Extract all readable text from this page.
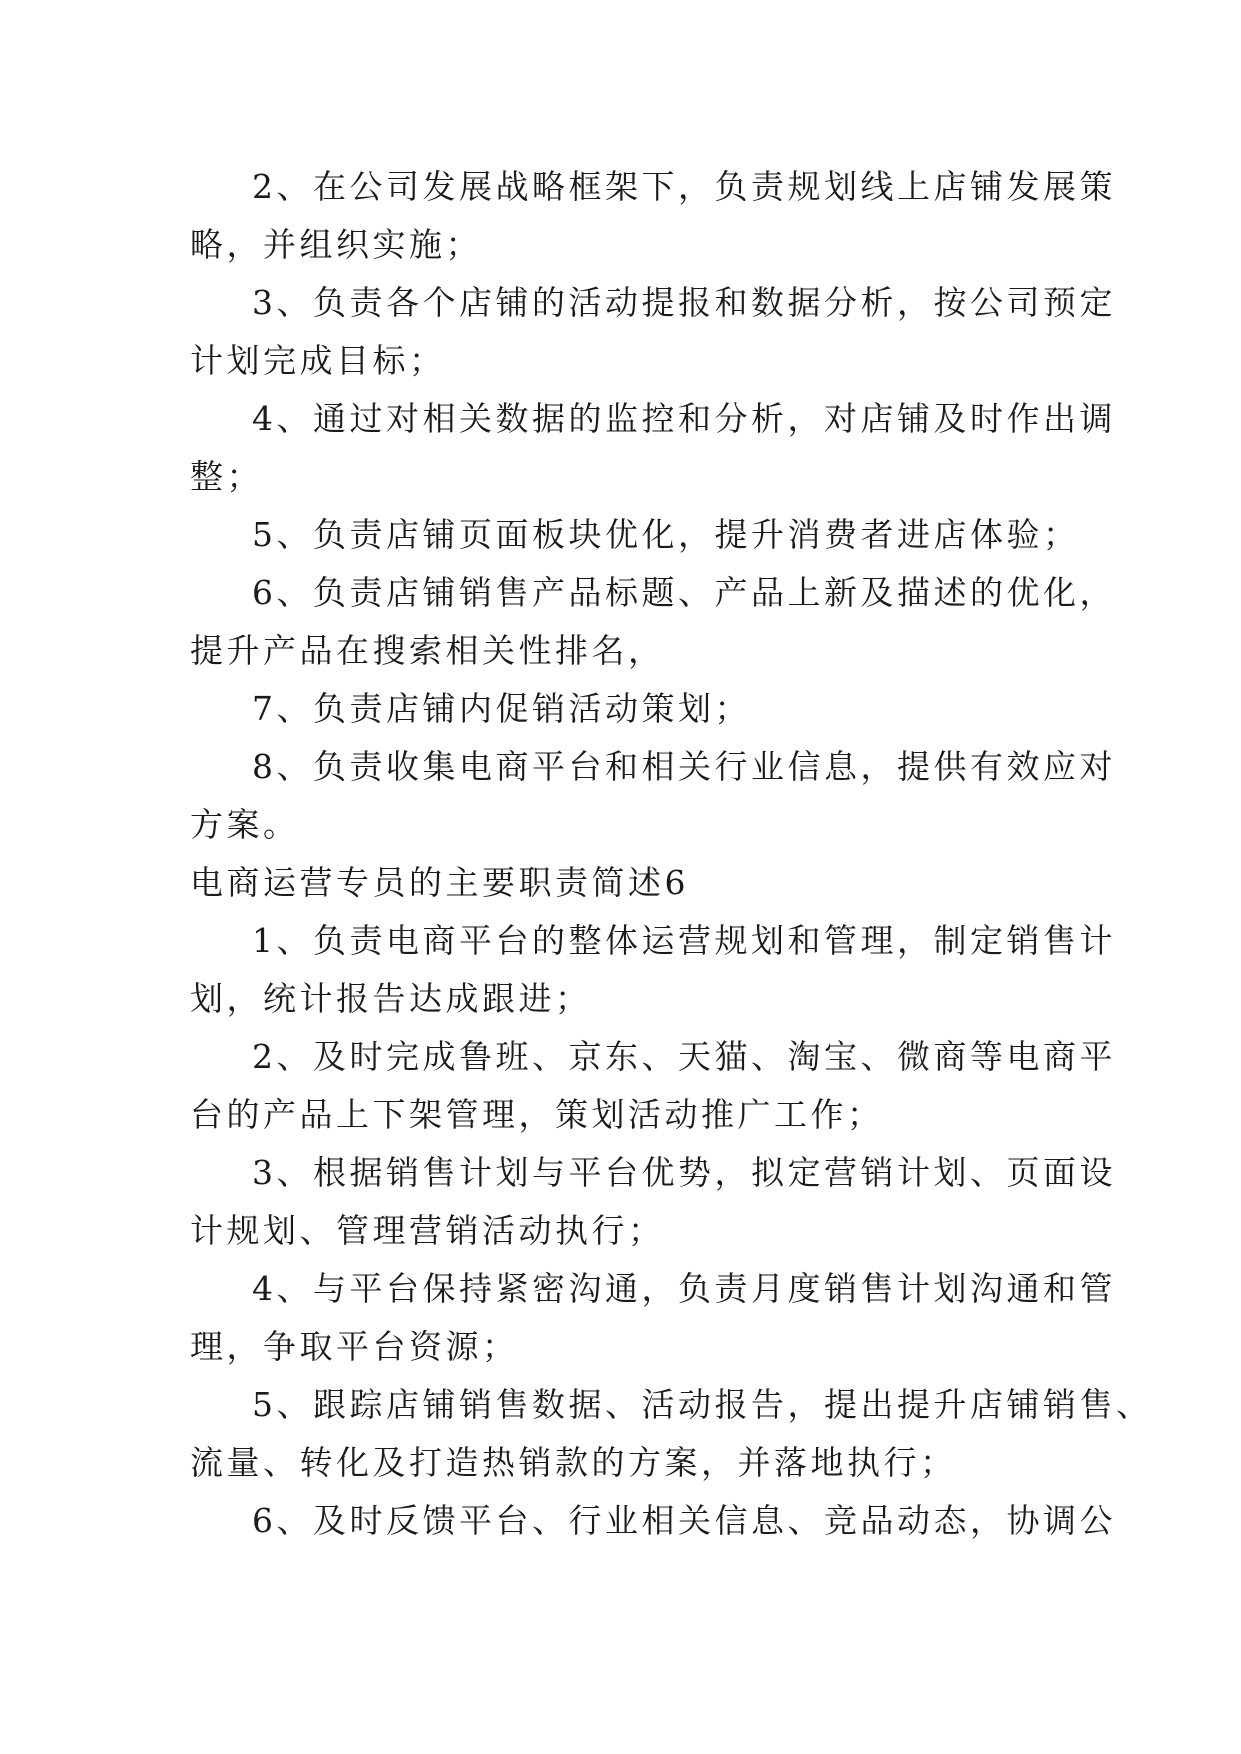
2、在公司发展战略框架下，负责规划线上店铺发展策
略，并组织实施；
3、负责各个店铺的活动提报和数据分析，按公司预定
计划完成目标；
4、通过对相关数据的监控和分析，对店铺及时作出调
整；
5、负责店铺页面板块优化，提升消费者进店体验；
6、负责店铺销售产品标题、产品上新及描述的优化，
提升产品在搜索相关性排名，
7、负责店铺内促销活动策划；
8、负责收集电商平台和相关行业信息，提供有效应对
方案。
电商运营专员的主要职责简述6
1、负责电商平台的整体运营规划和管理，制定销售计
划，统计报告达成跟进；
2、及时完成鲁班、京东、天猫、淘宝、微商等电商平
台的产品上下架管理，策划活动推广工作；
3、根据销售计划与平台优势，拟定营销计划、页面设
计规划、管理营销活动执行；
4、与平台保持紧密沟通，负责月度销售计划沟通和管
理，争取平台资源；
5、跟踪店铺销售数据、活动报告，提出提升店铺销售、
流量、转化及打造热销款的方案，并落地执行；
6、及时反馈平台、行业相关信息、竞品动态，协调公
